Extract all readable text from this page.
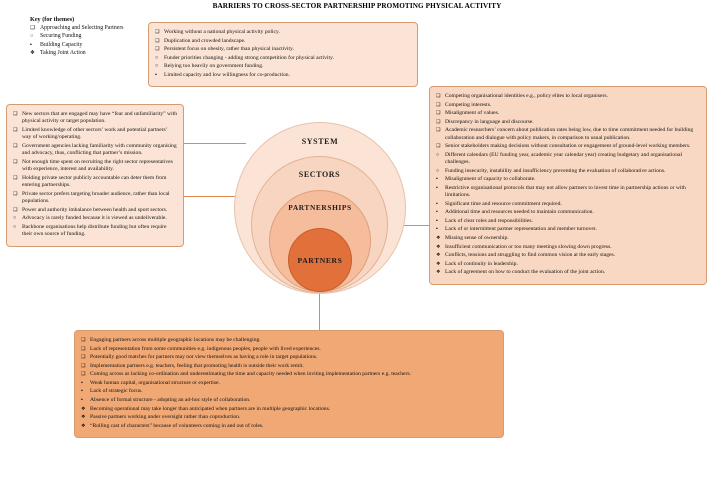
BARRIERS TO CROSS-SECTOR PARTNERSHIP PROMOTING PHYSICAL ACTIVITY
Key (for themes)
❑ Approaching and Selecting Partners
○ Securing Funding
▪ Building Capacity
❖ Taking Joint Action
SYSTEM
SECTORS
PARTNERSHIPS
PARTNERS
❑ Working without a national physical activity policy.
❑ Duplication and crowded landscape.
❑ Persistent focus on obesity, rather than physical inactivity.
○ Funder priorities changing - adding strong competition for physical activity.
○ Relying too heavily on government funding.
▪ Limited capacity and low willingness for co-production.
❑ New sectors that are engaged may have “fear and unfamiliarity” with physical activity or target population.
❑ Limited knowledge of other sectors’ work and potential partners’ way of working/operating.
❑ Government agencies lacking familiarity with community organising and advocacy, thus, conflicting that partner’s mission.
❑ Not enough time spent on recruiting the right sector representatives with experience, interest and availability.
❑ Holding private sector publicly accountable can deter them from entering partnerships.
❑ Private sector prefers targeting broader audience, rather than local populations.
❑ Power and authority imbalance between health and sport sectors.
○ Advocacy is rarely funded because it is viewed as undeliverable.
○ Backbone organisations help distribute funding but often require their own source of funding.
❑ Competing organisational identities e.g., policy elites to local organisers.
❑ Competing interests.
❑ Misalignment of values.
❑ Discrepancy in language and discourse.
❑ Academic researchers’ concern about publication rates being low, due to time commitment needed for building collaboration and dialogue with policy makers, in comparison to usual publication.
❑ Senior stakeholders making decisions without consultation or engagement of ground-level working members.
○ Different calendars (EU funding year, academic year calendar year) creating budgetary and organisational challenges.
○ Funding insecurity, instability and insufficiency preventing the evaluation of collaborative actions.
▪ Misalignment of capacity to collaborate.
▪ Restrictive organisational protocols that may not allow partners to invest time in partnership actions or with limitations.
▪ Significant time and resource commitment required.
▪ Additional time and resources needed to maintain communication.
▪ Lack of clear roles and responsibilities.
▪ Lack of or intermittent partner representation and member turnover.
❖ Missing sense of ownership.
❖ Insufficient communication or too many meetings slowing down progress.
❖ Conflicts, tensions and struggling to find common vision at the early stages.
❖ Lack of continuity in leadership.
❖ Lack of agreement on how to conduct the evaluation of the joint action.
❑ Engaging partners across multiple geographic locations may be challenging.
❑ Lack of representation from some communities e.g. indigenous peoples, people with lived experiences.
❑ Potentially good matches for partners may not view themselves as having a role in target populations.
❑ Implementation partners e.g. teachers, feeling that promoting health is outside their work remit.
❑ Coming across as lacking co-ordination and underestimating the time and capacity needed when inviting implementation partners e.g. teachers.
▪ Weak human capital, organisational structure or expertise.
▪ Lack of strategic focus.
▪ Absence of formal structure - adopting an ad-hoc style of collaboration.
❖ Becoming operational may take longer than anticipated when partners are in multiple geographic locations.
❖ Passive partners working under oversight rather than coproduction.
❖ “Rolling cast of characters” because of volunteers coming in and out of roles.
